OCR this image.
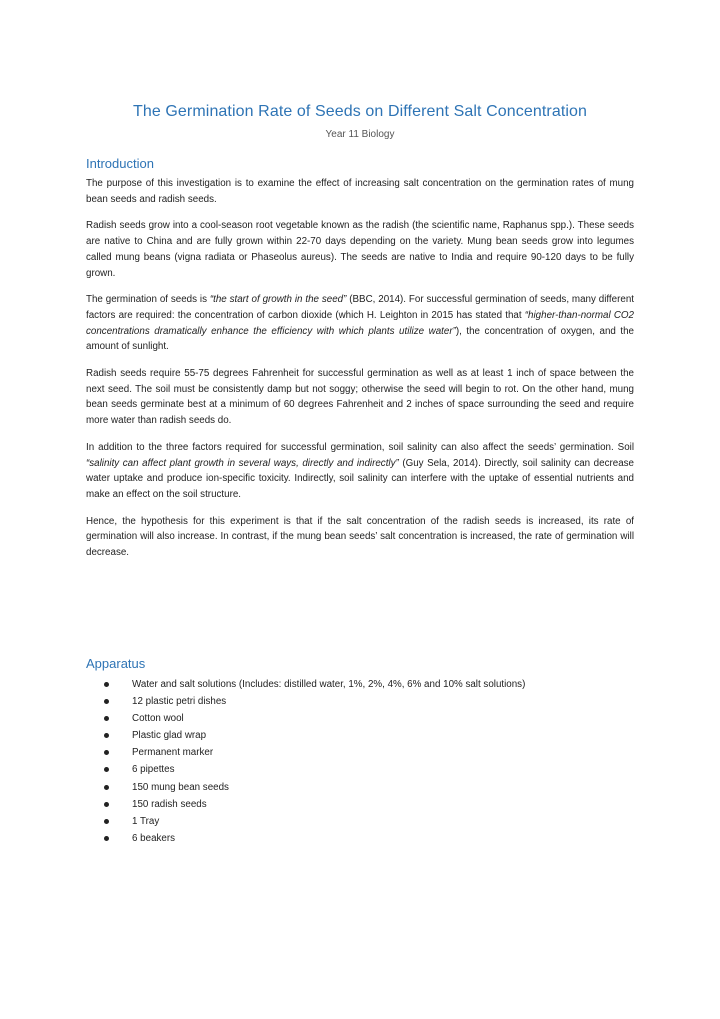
The Germination Rate of Seeds on Different Salt Concentration
Year 11 Biology
Introduction

The purpose of this investigation is to examine the effect of increasing salt concentration on the germination rates of mung bean seeds and radish seeds.

Radish seeds grow into a cool-season root vegetable known as the radish (the scientific name, Raphanus spp.). These seeds are native to China and are fully grown within 22-70 days depending on the variety. Mung bean seeds grow into legumes called mung beans (vigna radiata or Phaseolus aureus). The seeds are native to India and require 90-120 days to be fully grown.

The germination of seeds is “the start of growth in the seed” (BBC, 2014). For successful germination of seeds, many different factors are required: the concentration of carbon dioxide (which H. Leighton in 2015 has stated that “higher-than-normal CO2 concentrations dramatically enhance the efficiency with which plants utilize water”), the concentration of oxygen, and the amount of sunlight.

Radish seeds require 55-75 degrees Fahrenheit for successful germination as well as at least 1 inch of space between the next seed. The soil must be consistently damp but not soggy; otherwise the seed will begin to rot. On the other hand, mung bean seeds germinate best at a minimum of 60 degrees Fahrenheit and 2 inches of space surrounding the seed and require more water than radish seeds do.

In addition to the three factors required for successful germination, soil salinity can also affect the seeds’ germination. Soil “salinity can affect plant growth in several ways, directly and indirectly” (Guy Sela, 2014). Directly, soil salinity can decrease water uptake and produce ion-specific toxicity. Indirectly, soil salinity can interfere with the uptake of essential nutrients and make an effect on the soil structure.

Hence, the hypothesis for this experiment is that if the salt concentration of the radish seeds is increased, its rate of germination will also increase. In contrast, if the mung bean seeds’ salt concentration is increased, the rate of germination will decrease.

Apparatus
Water and salt solutions (Includes: distilled water, 1%, 2%, 4%, 6% and 10% salt solutions)
12 plastic petri dishes
Cotton wool
Plastic glad wrap
Permanent marker
6 pipettes
150 mung bean seeds
150 radish seeds
1 Tray
6 beakers
